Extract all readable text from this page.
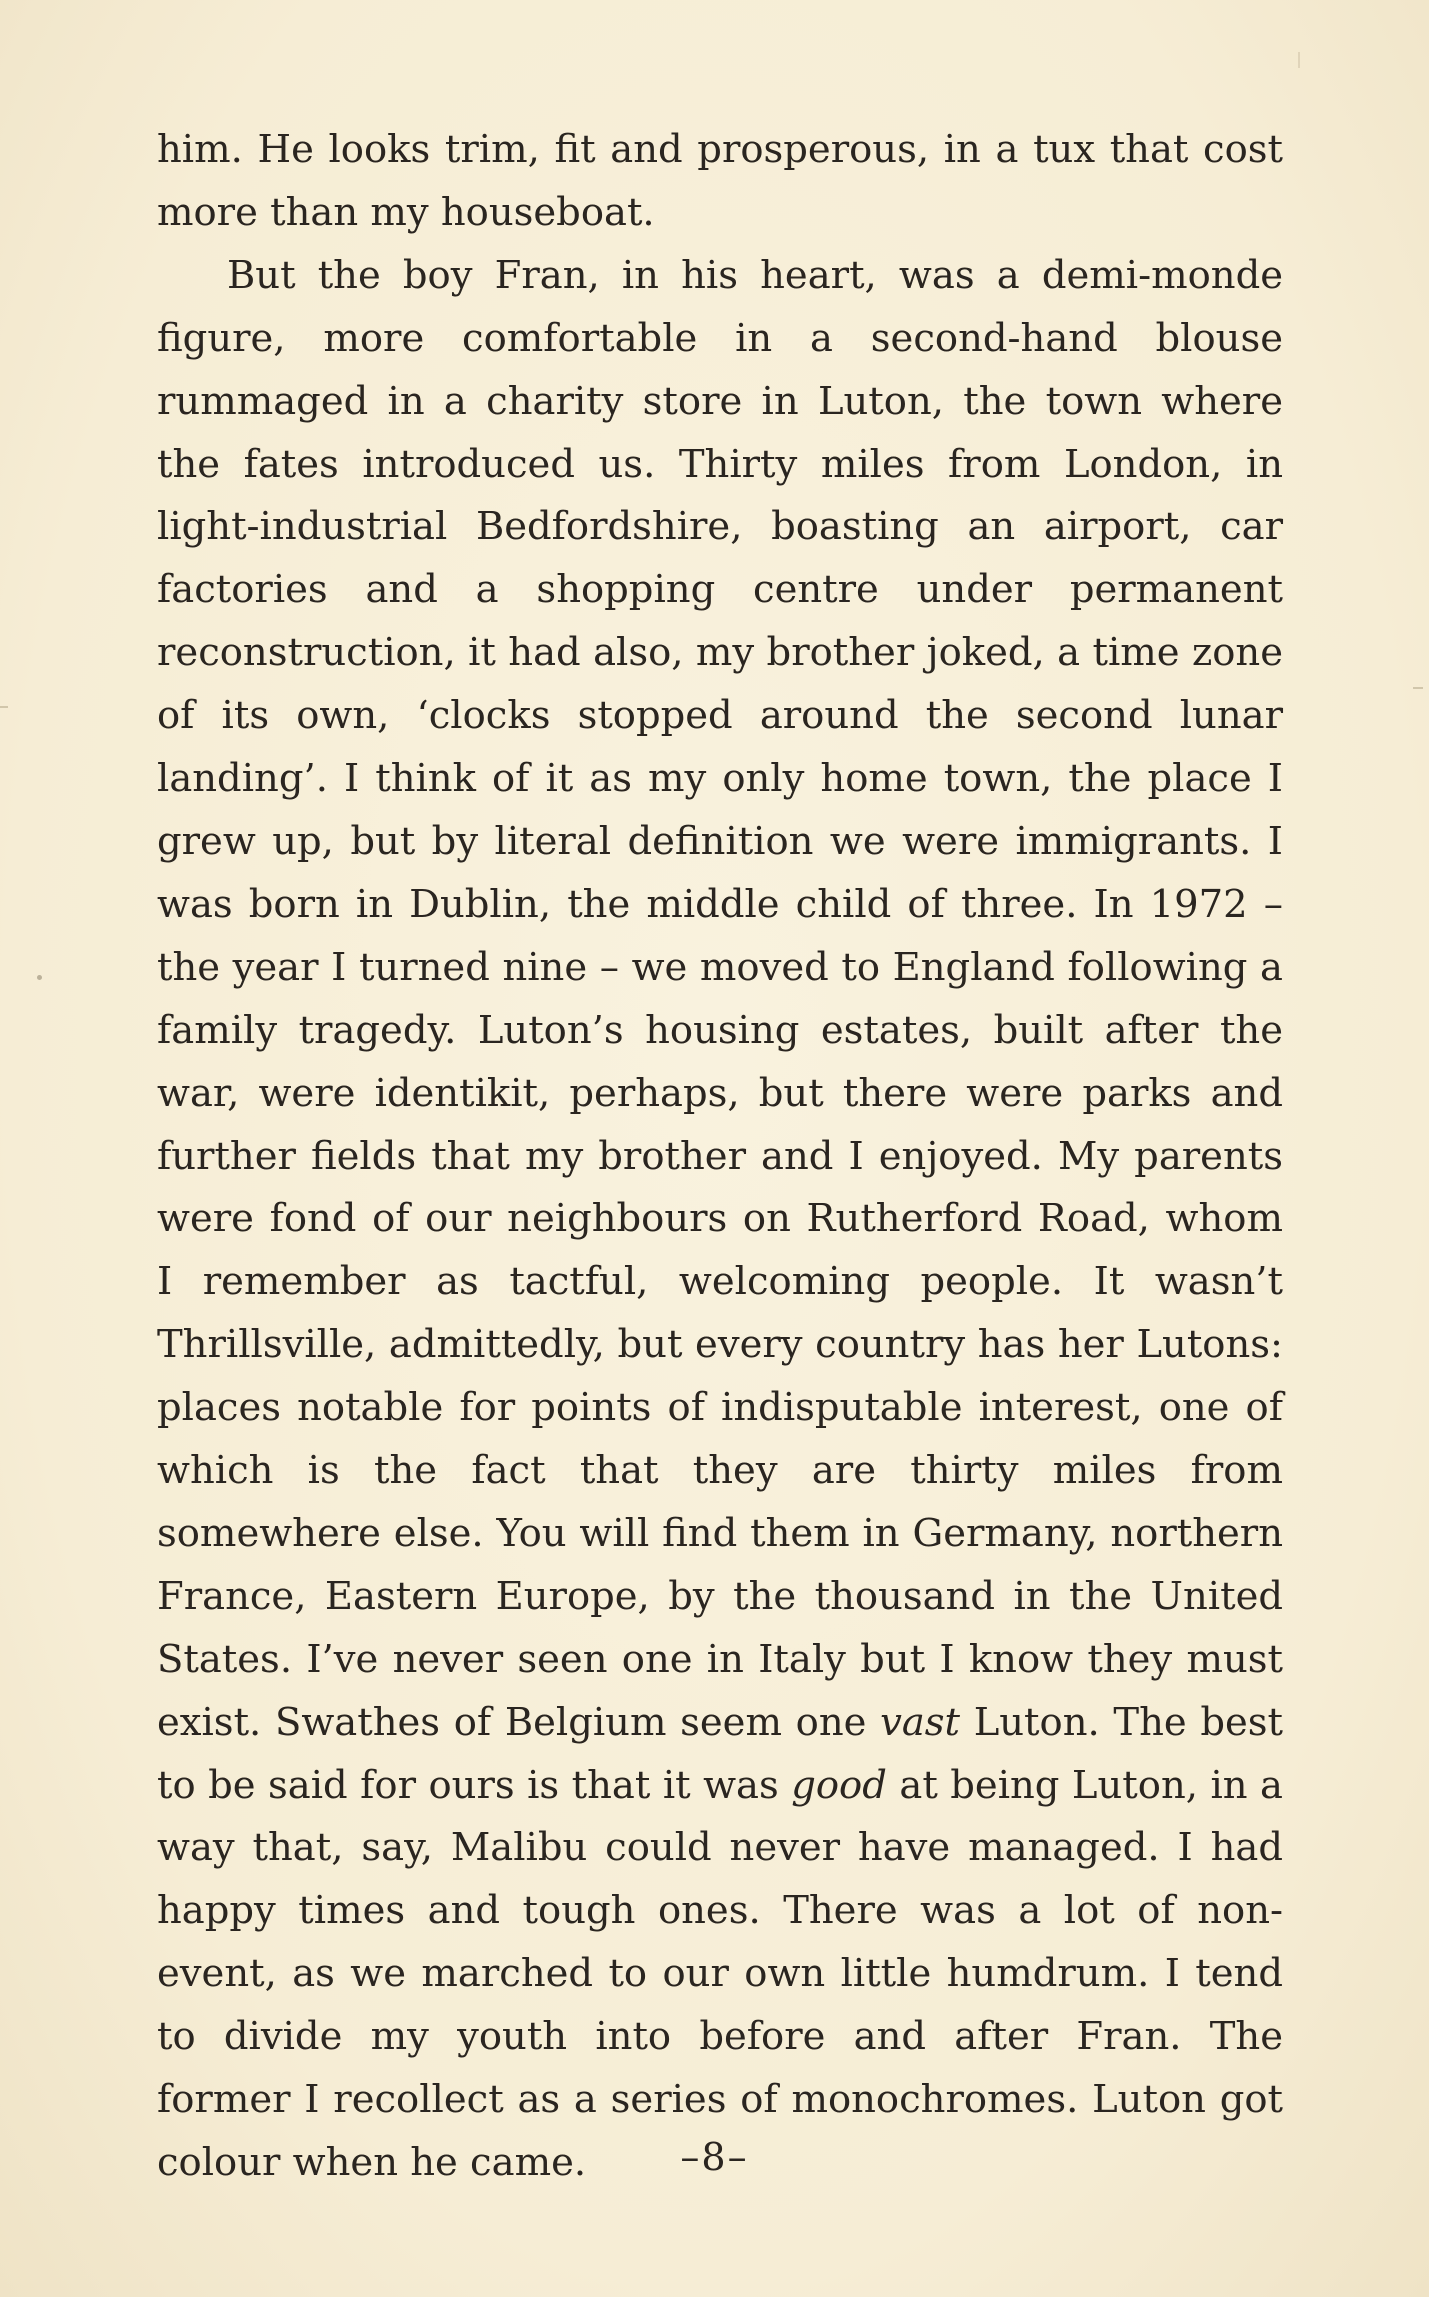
him. He looks trim, fit and prosperous, in a tux that cost more than my houseboat.

But the boy Fran, in his heart, was a demi-monde figure, more comfortable in a second-hand blouse rummaged in a charity store in Luton, the town where the fates introduced us. Thirty miles from London, in light-industrial Bedfordshire, boasting an airport, car factories and a shopping centre under permanent reconstruction, it had also, my brother joked, a time zone of its own, ‘clocks stopped around the second lunar landing’. I think of it as my only home town, the place I grew up, but by literal definition we were immigrants. I was born in Dublin, the middle child of three. In 1972 – the year I turned nine – we moved to England following a family tragedy. Luton’s housing estates, built after the war, were identikit, perhaps, but there were parks and further fields that my brother and I enjoyed. My parents were fond of our neighbours on Rutherford Road, whom I remember as tactful, welcoming people. It wasn’t Thrillsville, admittedly, but every country has her Lutons: places notable for points of indisputable interest, one of which is the fact that they are thirty miles from somewhere else. You will find them in Germany, northern France, Eastern Europe, by the thousand in the United States. I’ve never seen one in Italy but I know they must exist. Swathes of Belgium seem one vast Luton. The best to be said for ours is that it was good at being Luton, in a way that, say, Malibu could never have managed. I had happy times and tough ones. There was a lot of non-event, as we marched to our own little humdrum. I tend to divide my youth into before and after Fran. The former I recollect as a series of monochromes. Luton got colour when he came.	–8–
